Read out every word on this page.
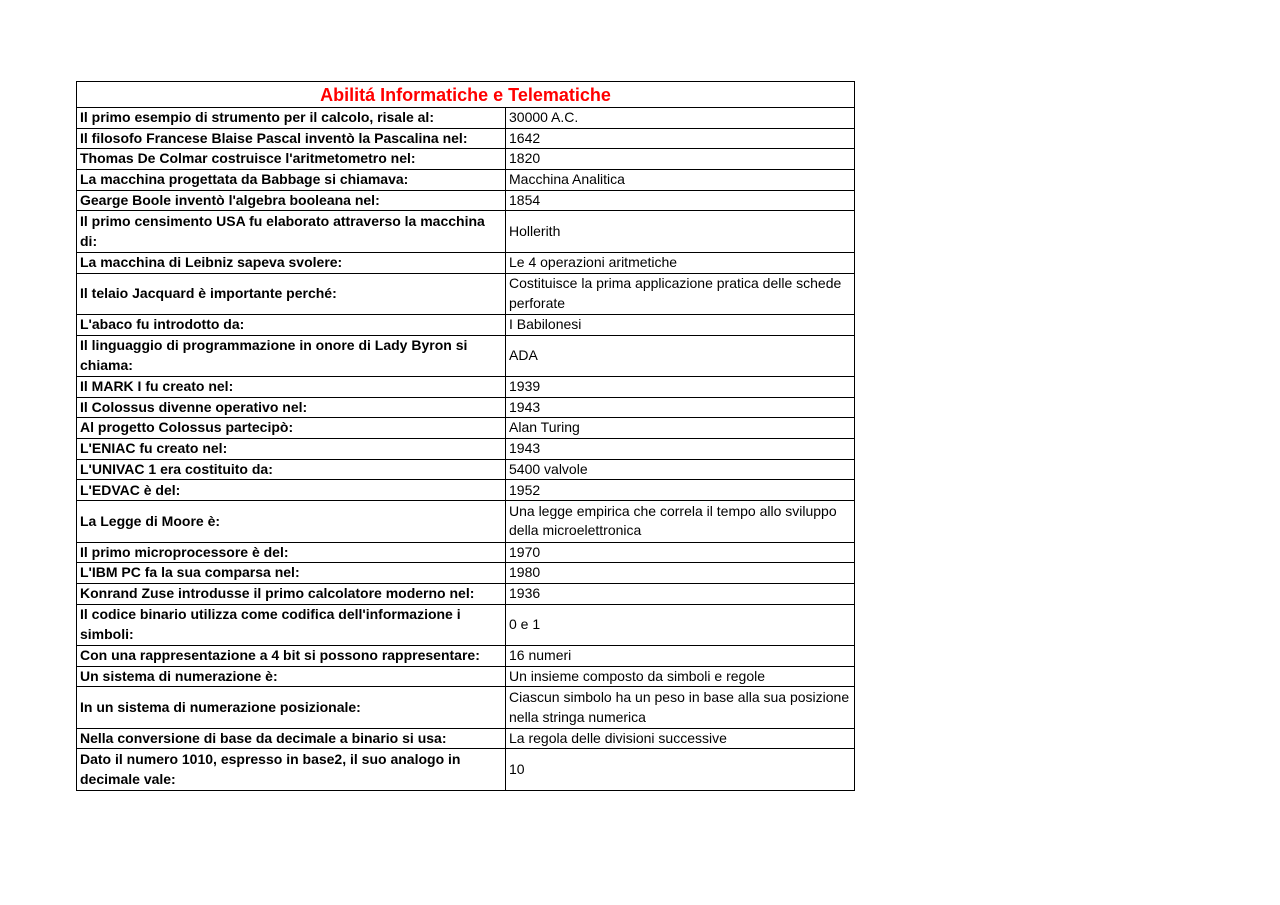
Abilitá Informatiche e Telematiche	
Il primo esempio di strumento per il calcolo, risale al:	30000 A.C.
Il filosofo Francese Blaise Pascal inventò la Pascalina nel:	1642
Thomas De Colmar costruisce l'aritmetometro nel:	1820
La macchina progettata da Babbage si chiamava:	Macchina Analitica
Gearge Boole inventò l'algebra booleana nel:	1854
Il primo censimento USA fu elaborato attraverso la macchina di:	Hollerith
La macchina di Leibniz sapeva svolere:	Le 4 operazioni aritmetiche
Il telaio Jacquard è importante perché:	Costituisce la prima applicazione pratica delle schede perforate
L'abaco fu introdotto da:	I Babilonesi
Il linguaggio di programmazione in onore di Lady Byron si chiama:	ADA
Il MARK I fu creato nel:	1939
Il Colossus divenne operativo nel:	1943
Al progetto Colossus partecipò:	Alan Turing
L'ENIAC fu creato nel:	1943
L'UNIVAC 1 era costituito da:	5400 valvole
L'EDVAC è del:	1952
La Legge di Moore è:	Una legge empirica che correla il tempo allo sviluppo della microelettronica
Il primo microprocessore è del:	1970
L'IBM PC fa la sua comparsa nel:	1980
Konrand Zuse introdusse il primo calcolatore moderno nel:	1936
Il codice binario utilizza come codifica dell'informazione i simboli:	0 e 1
Con una rappresentazione a 4 bit si possono rappresentare:	16 numeri
Un sistema di numerazione è:	Un insieme composto da simboli e regole
In un sistema di numerazione posizionale:	Ciascun simbolo ha un peso in base alla sua posizione nella stringa numerica
Nella conversione di base da decimale a binario si usa:	La regola delle divisioni successive
Dato il numero 1010, espresso in base2, il suo analogo in decimale vale:	10
